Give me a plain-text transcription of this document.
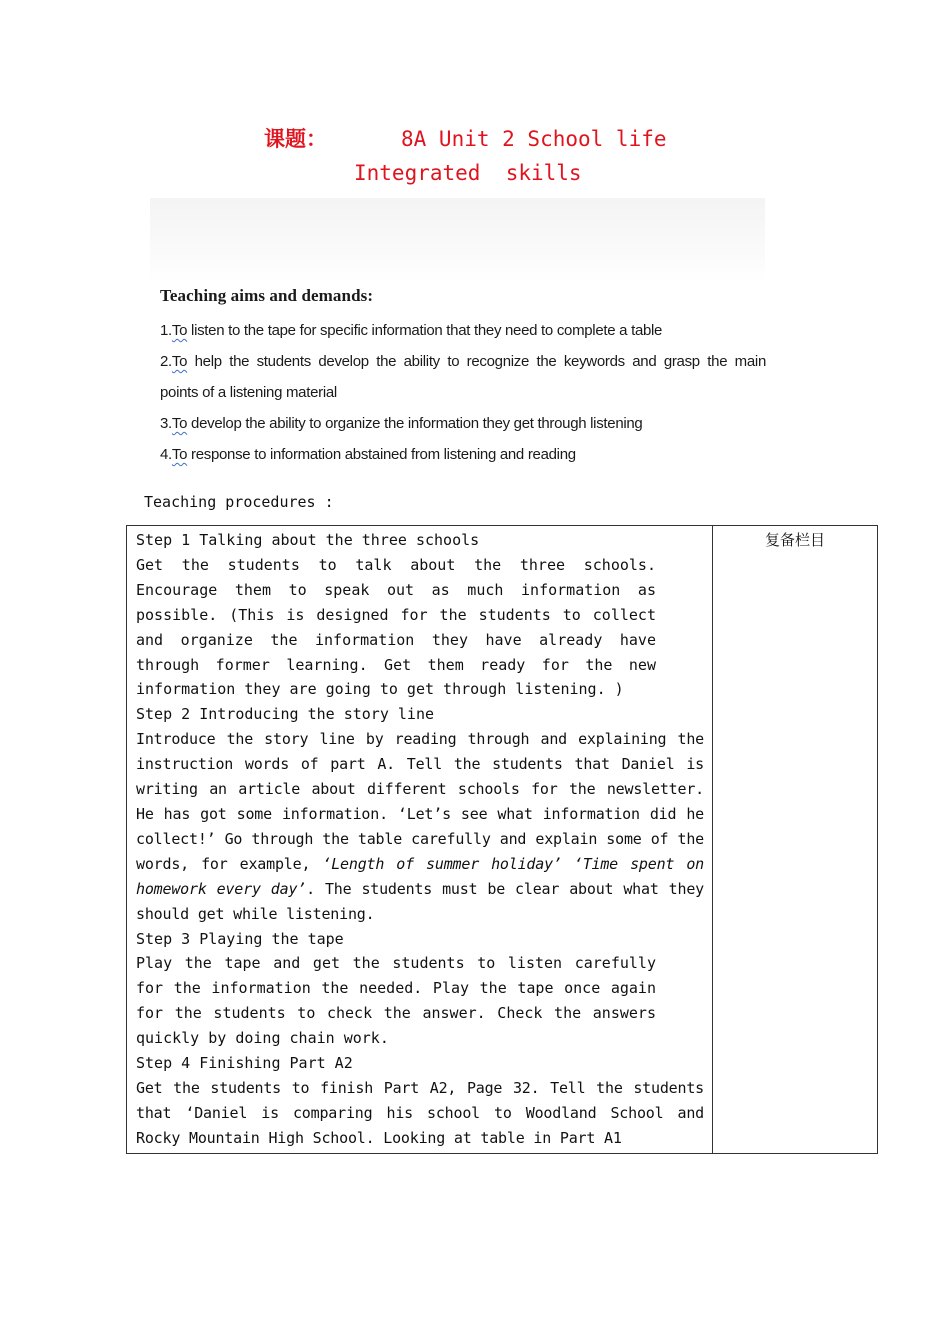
课题：	8A Unit 2 School life
Integrated  skills

Teaching aims and demands:

1.To listen to the tape for specific information that they need to complete a table

2.To help the students develop the ability to recognize the keywords and grasp the main

points of a listening material

3.To develop the ability to organize the information they get through listening

4.To response to information abstained from listening and reading

Teaching procedures :

Step 1 Talking about the three schools

Get the students to talk about the three schools. Encourage them to speak out as much information as possible. (This is designed for the students to collect and organize the information they have already have through former learning. Get them ready for the new information they are going to get through listening. )

Step 2 Introducing the story line

Introduce the story line by reading through and explaining the instruction words of part A. Tell the students that Daniel is writing an article about different schools for the newsletter. He has got some information. ‘Let’s see what information did he collect!’ Go through the table carefully and explain some of the words, for example, ‘Length of summer holiday’ ‘Time spent on homework every day’. The students must be clear about what they should get while listening.

Step 3 Playing the tape

Play the tape and get the students to listen carefully for the information the needed. Play the tape once again for the students to check the answer. Check the answers quickly by doing chain work.

Step 4 Finishing Part A2

Get the students to finish Part A2, Page 32. Tell the students that ‘Daniel is comparing his school to Woodland School and Rocky Mountain High School. Looking at table in Part A1

复备栏目
